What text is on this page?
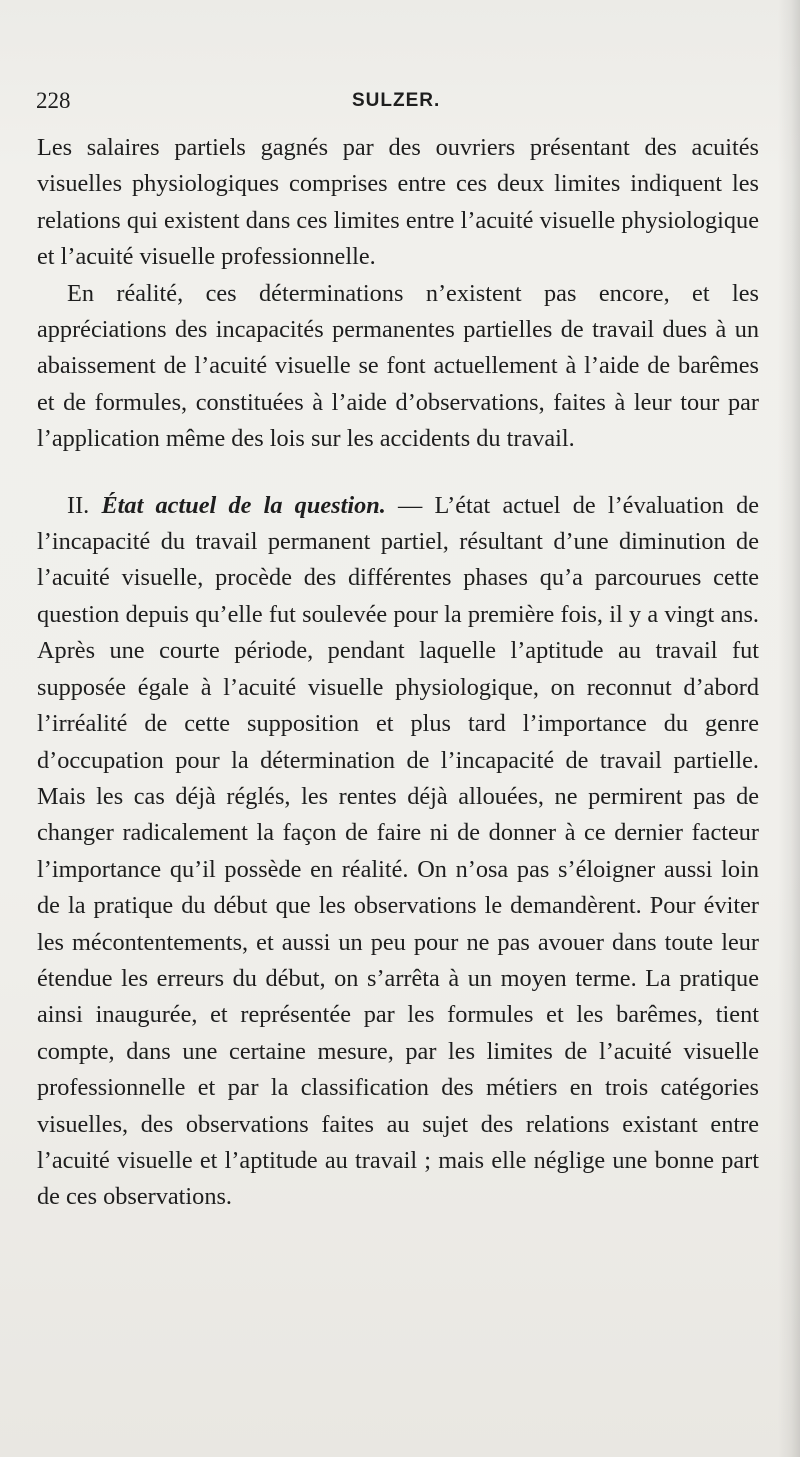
228	SULZER.

Les salaires partiels gagnés par des ouvriers présentant des acuités visuelles physiologiques comprises entre ces deux limites indiquent les relations qui existent dans ces limites entre l’acuité visuelle physiologique et l’acuité visuelle professionnelle.

En réalité, ces déterminations n’existent pas encore, et les appréciations des incapacités permanentes partielles de travail dues à un abaissement de l’acuité visuelle se font actuellement à l’aide de barêmes et de formules, constituées à l’aide d’observations, faites à leur tour par l’application même des lois sur les accidents du travail.

II. État actuel de la question. — L’état actuel de l’évaluation de l’incapacité du travail permanent partiel, résultant d’une diminution de l’acuité visuelle, procède des différentes phases qu’a parcourues cette question depuis qu’elle fut soulevée pour la première fois, il y a vingt ans. Après une courte période, pendant laquelle l’aptitude au travail fut supposée égale à l’acuité visuelle physiologique, on reconnut d’abord l’irréalité de cette supposition et plus tard l’importance du genre d’occupation pour la détermination de l’incapacité de travail partielle. Mais les cas déjà réglés, les rentes déjà allouées, ne permirent pas de changer radicalement la façon de faire ni de donner à ce dernier facteur l’importance qu’il possède en réalité. On n’osa pas s’éloigner aussi loin de la pratique du début que les observations le demandèrent. Pour éviter les mécontentements, et aussi un peu pour ne pas avouer dans toute leur étendue les erreurs du début, on s’arrêta à un moyen terme. La pratique ainsi inaugurée, et représentée par les formules et les barêmes, tient compte, dans une certaine mesure, par les limites de l’acuité visuelle professionnelle et par la classification des métiers en trois catégories visuelles, des observations faites au sujet des relations existant entre l’acuité visuelle et l’aptitude au travail ; mais elle néglige une bonne part de ces observations.
